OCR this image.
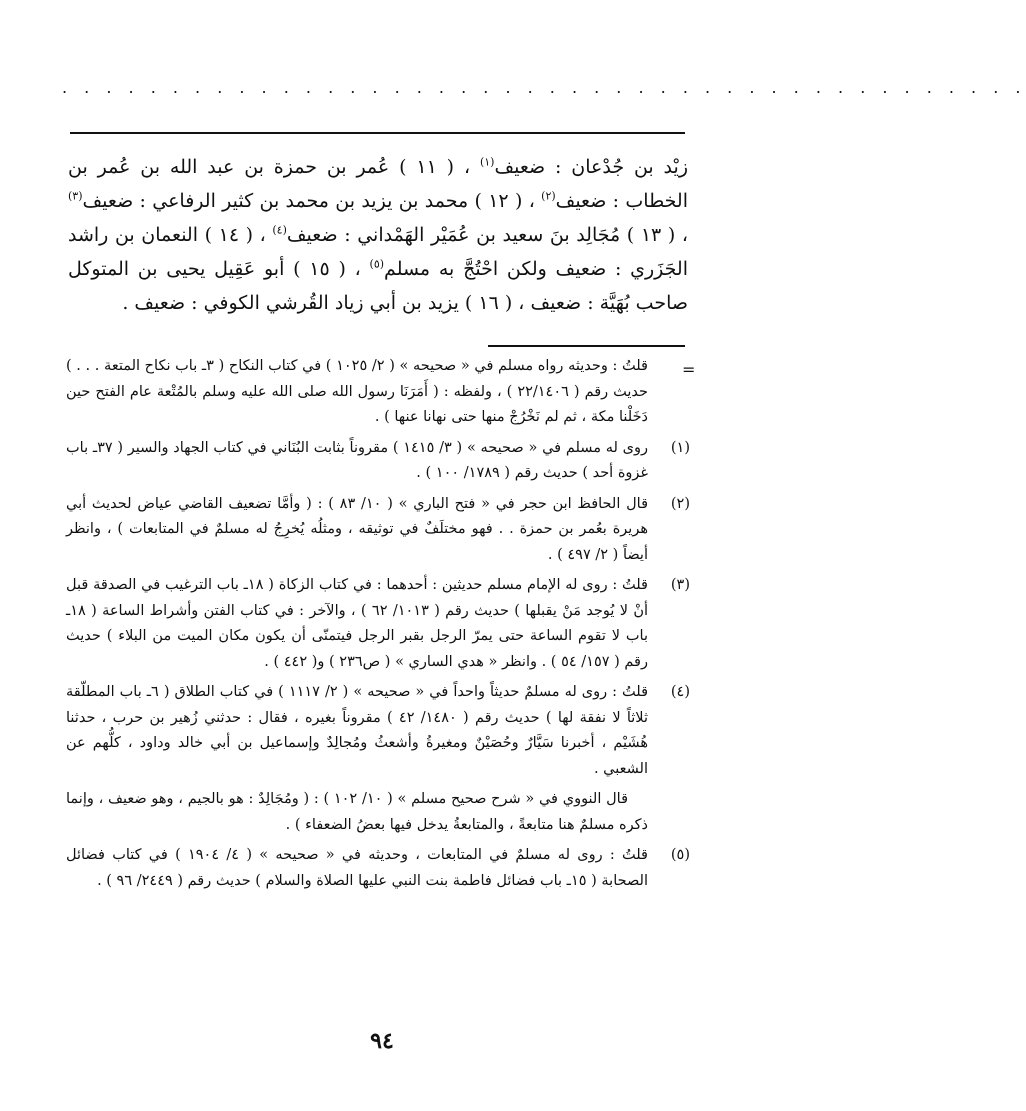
. . . . . . . . . . . . . . . . . . . . . . . . . . . . . . . . . . . . . . . . . . . .

زيْد بن جُدْعان : ضعيف$^{(١)}$ ، ( ١١ ) عُمر بن حمزة بن عبد الله بن عُمر بن الخطاب : ضعيف$^{(٢)}$ ، ( ١٢ ) محمد بن يزيد بن محمد بن كثير الرفاعي : ضعيف$^{(٣)}$ ، ( ١٣ ) مُجَالِد بنَ سعيد بن عُمَيْر الهَمْداني : ضعيف$^{(٤)}$ ، ( ١٤ ) النعمان بن راشد الجَزَري : ضعيف ولكن احْتُجَّ به مسلم$^{(٥)}$ ، ( ١٥ ) أبو عَقِيل يحيى بن المتوكل صاحب بُهَيَّة : ضعيف ، ( ١٦ ) يزيد بن أبي زياد القُرشي الكوفي : ضعيف .

=

قلتُ : وحديثه رواه مسلم في « صحيحه » ( ٢/ ١٠٢٥ ) في كتاب النكاح ( ٣ـ باب نكاح المتعة . . . ) حديث رقم ( ٢٢/١٤٠٦ ) ، ولفظه : ( أَمَرَنَا رسول الله صلى الله عليه وسلم بالمُتْعة عام الفتح حين دَخَلْنا مكة ، ثم لم نَخْرُجْ منها حتى نهانا عنها ) .

(١)

روى له مسلم في « صحيحه » ( ٣/ ١٤١٥ ) مقروناً بثابت البُنَاني في كتاب الجهاد والسير ( ٣٧ـ باب غزوة أحد ) حديث رقم ( ١٧٨٩/ ١٠٠ ) .

(٢)

قال الحافظ ابن حجر في « فتح الباري » ( ١٠/ ٨٣ ) : ( وأمَّا تضعيف القاضي عياض لحديث أبي هريرة بعُمر بن حمزة . . فهو مختلَفٌ في توثيقه ، ومثلُه يُخرِجُ له مسلمٌ في المتابعات ) ، وانظر أيضاً ( ٢/ ٤٩٧ ) .

(٣)

قلتُ : روى له الإمام مسلم حديثين : أحدهما : في كتاب الزكاة ( ١٨ـ باب الترغيب في الصدقة قبل أنْ لا يُوجد مَنْ يقبلها ) حديث رقم ( ١٠١٣/ ٦٢ ) ، والآخر : في كتاب الفتن وأشراط الساعة ( ١٨ـ باب لا تقوم الساعة حتى يمرّ الرجل بقبر الرجل فيتمنّى أن يكون مكان الميت من البلاء ) حديث رقم ( ١٥٧/ ٥٤ ) . وانظر « هدي الساري » ( ص٢٣٦ ) و( ٤٤٢ ) .

(٤)

قلتُ : روى له مسلمٌ حديثاً واحداً في « صحيحه » ( ٢/ ١١١٧ ) في كتاب الطلاق ( ٦ـ باب المطلّقة ثلاثاً لا نفقة لها ) حديث رقم ( ١٤٨٠/ ٤٢ ) مقروناً بغيره ، فقال : حدثني زُهير بن حرب ، حدثنا هُشَيْم ، أخبرنا سَيَّارٌ وحُصَيْنٌ ومغيرةُ وأشعثُ ومُجالِدٌ وإسماعيل بن أبي خالد وداود ، كلُّهم عن الشعبي .

قال النووي في « شرح صحيح مسلم » ( ١٠/ ١٠٢ ) : ( ومُجَالِدٌ : هو بالجيم ، وهو ضعيف ، وإنما ذكره مسلمٌ هنا متابعةً ، والمتابعةُ يدخل فيها بعضُ الضعفاء ) .

(٥)

قلتُ : روى له مسلمٌ في المتابعات ، وحديثه في « صحيحه » ( ٤/ ١٩٠٤ ) في كتاب فضائل الصحابة ( ١٥ـ باب فضائل فاطمة بنت النبي عليها الصلاة والسلام ) حديث رقم ( ٢٤٤٩/ ٩٦ ) .

٩٤
